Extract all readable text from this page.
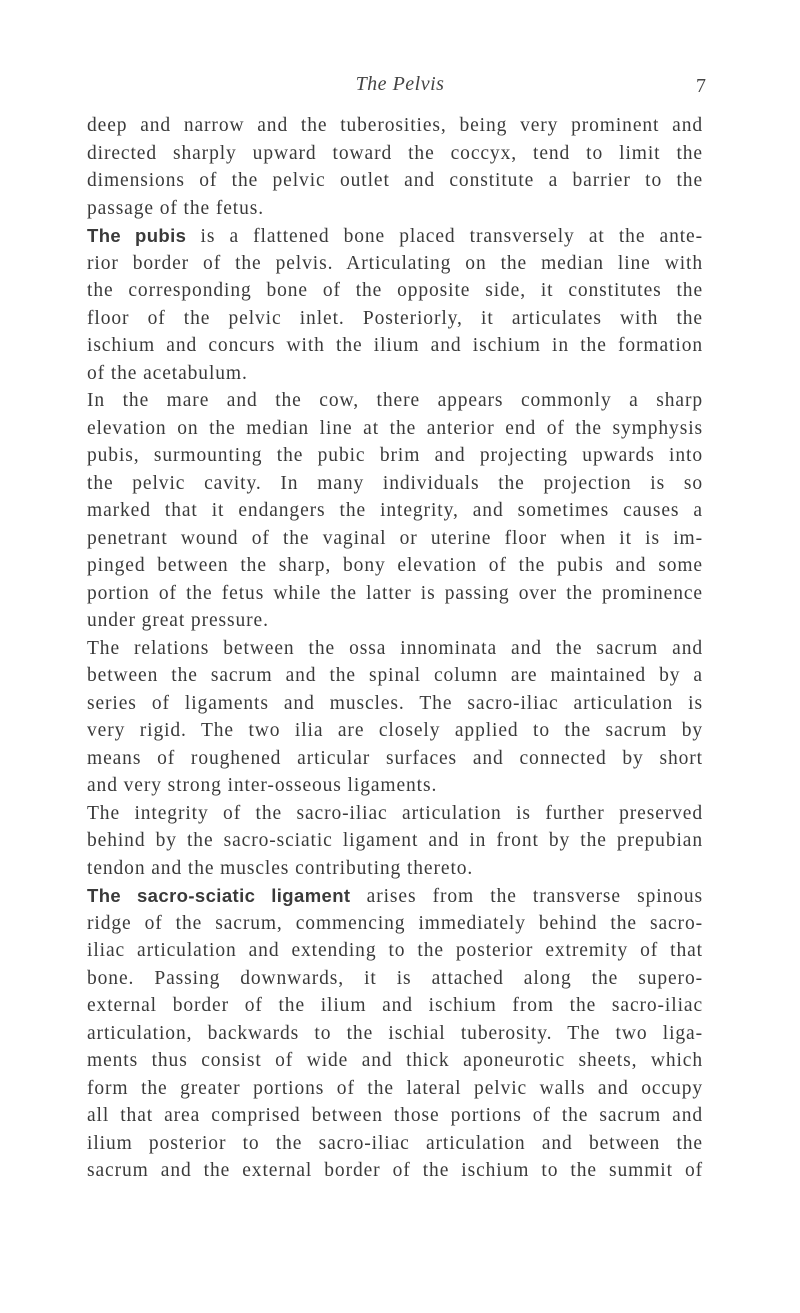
The Pelvis	7
deep and narrow and the tuberosities, being very prominent and
directed sharply upward toward the coccyx, tend to limit the
dimensions of the pelvic outlet and constitute a barrier to the
passage of the fetus.
The pubis is a flattened bone placed transversely at the ante-
rior border of the pelvis. Articulating on the median line with
the corresponding bone of the opposite side, it constitutes the
floor of the pelvic inlet. Posteriorly, it articulates with the
ischium and concurs with the ilium and ischium in the formation
of the acetabulum.
In the mare and the cow, there appears commonly a sharp
elevation on the median line at the anterior end of the symphysis
pubis, surmounting the pubic brim and projecting upwards into
the pelvic cavity. In many individuals the projection is so
marked that it endangers the integrity, and sometimes causes a
penetrant wound of the vaginal or uterine floor when it is im-
pinged between the sharp, bony elevation of the pubis and some
portion of the fetus while the latter is passing over the prominence
under great pressure.
The relations between the ossa innominata and the sacrum and
between the sacrum and the spinal column are maintained by a
series of ligaments and muscles. The sacro-iliac articulation is
very rigid. The two ilia are closely applied to the sacrum by
means of roughened articular surfaces and connected by short
and very strong inter-osseous ligaments.
The integrity of the sacro-iliac articulation is further preserved
behind by the sacro-sciatic ligament and in front by the prepubian
tendon and the muscles contributing thereto.
The sacro-sciatic ligament arises from the transverse spinous
ridge of the sacrum, commencing immediately behind the sacro-
iliac articulation and extending to the posterior extremity of that
bone. Passing downwards, it is attached along the supero-
external border of the ilium and ischium from the sacro-iliac
articulation, backwards to the ischial tuberosity. The two liga-
ments thus consist of wide and thick aponeurotic sheets, which
form the greater portions of the lateral pelvic walls and occupy
all that area comprised between those portions of the sacrum and
ilium posterior to the sacro-iliac articulation and between the
sacrum and the external border of the ischium to the summit of
